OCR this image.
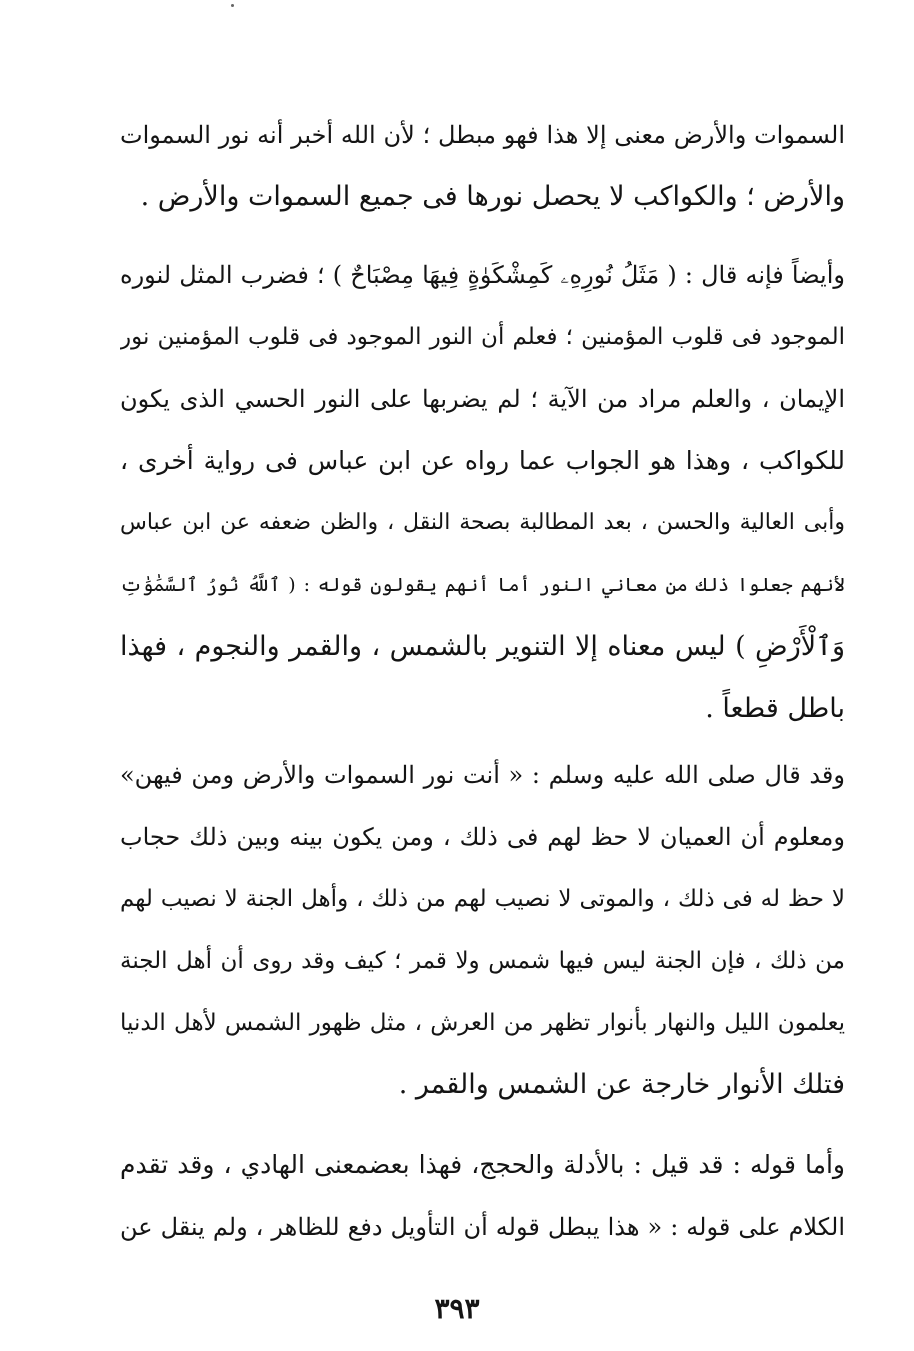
السموات والأرض معنى إلا هذا فهو مبطل ؛ لأن الله أخبر أنه نور السموات
والأرض ؛ والكواكب لا يحصل نورها فى جميع السموات والأرض .
وأيضاً فإنه قال : ( مَثَلُ نُورِهِۦ كَمِشْكَوٰةٍ فِيهَا مِصْبَاحٌ ) ؛ فضرب المثل لنوره
الموجود فى قلوب المؤمنين ؛ فعلم أن النور الموجود فى قلوب المؤمنين نور
الإيمان ، والعلم مراد من الآية ؛ لم يضربها على النور الحسي الذى يكون
للكواكب ، وهذا هو الجواب عما رواه عن ابن عباس فى رواية أخرى ،
وأبى العالية والحسن ، بعد المطالبة بصحة النقل ، والظن ضعفه عن ابن عباس
لأنهم جعلوا ذلك من معاني النور أما أنهم يقولون قوله : ( ٱللَّهُ نُورُ ٱلسَّمَٰوَٰتِ
وَٱلْأَرْضِ ) ليس معناه إلا التنوير بالشمس ، والقمر والنجوم ، فهذا
باطل قطعاً .
وقد قال صلى الله عليه وسلم : « أنت نور السموات والأرض ومن فيهن»
ومعلوم أن العميان لا حظ لهم فى ذلك ، ومن يكون بينه وبين ذلك حجاب
لا حظ له فى ذلك ، والموتى لا نصيب لهم من ذلك ، وأهل الجنة لا نصيب لهم
من ذلك ، فإن الجنة ليس فيها شمس ولا قمر ؛ كيف وقد روى أن أهل الجنة
يعلمون الليل والنهار بأنوار تظهر من العرش ، مثل ظهور الشمس لأهل الدنيا
فتلك الأنوار خارجة عن الشمس والقمر .
وأما قوله : قد قيل : بالأدلة والحجج، فهذا بعضمعنى الهادي ، وقد تقدم
الكلام على قوله : « هذا يبطل قوله أن التأويل دفع للظاهر ، ولم ينقل عن
٣٩٣
